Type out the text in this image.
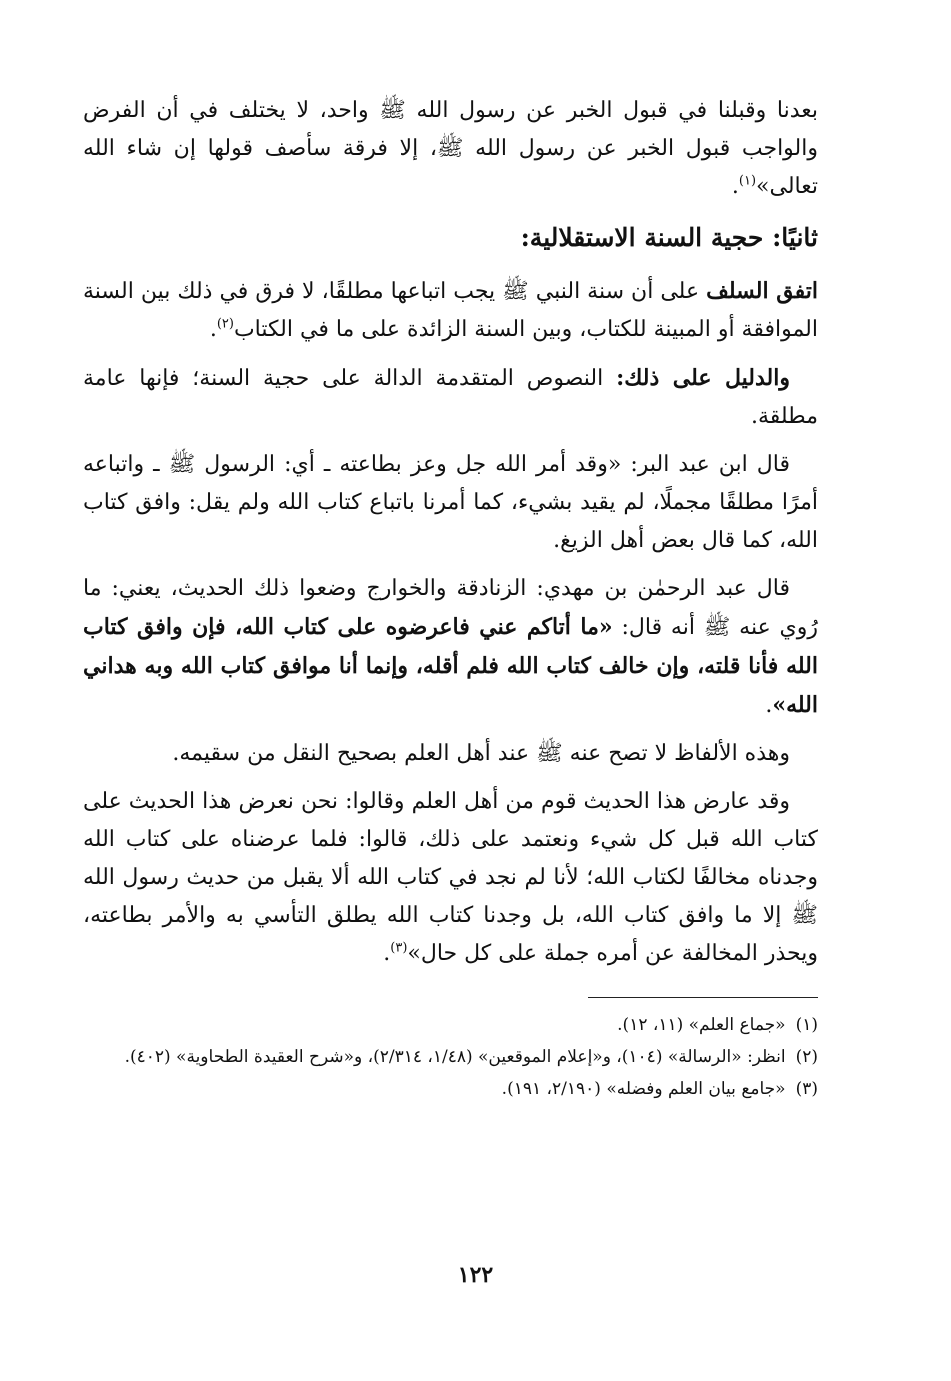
بعدنا وقبلنا في قبول الخبر عن رسول الله ﷺ واحد، لا يختلف في أن الفرض والواجب قبول الخبر عن رسول الله ﷺ، إلا فرقة سأصف قولها إن شاء الله تعالى»$^{(١)}$.

ثانيًا: حجية السنة الاستقلالية:

اتفق السلف على أن سنة النبي ﷺ يجب اتباعها مطلقًا، لا فرق في ذلك بين السنة الموافقة أو المبينة للكتاب، وبين السنة الزائدة على ما في الكتاب$^{(٢)}$.

والدليل على ذلك: النصوص المتقدمة الدالة على حجية السنة؛ فإنها عامة مطلقة.

قال ابن عبد البر: «وقد أمر الله جل وعز بطاعته ـ أي: الرسول ﷺ ـ واتباعه أمرًا مطلقًا مجملًا، لم يقيد بشيء، كما أمرنا باتباع كتاب الله ولم يقل: وافق كتاب الله، كما قال بعض أهل الزيغ.

قال عبد الرحمٰن بن مهدي: الزنادقة والخوارج وضعوا ذلك الحديث، يعني: ما رُوي عنه ﷺ أنه قال: «ما أتاكم عني فاعرضوه على كتاب الله، فإن وافق كتاب الله فأنا قلته، وإن خالف كتاب الله فلم أقله، وإنما أنا موافق كتاب الله وبه هداني الله».

وهذه الألفاظ لا تصح عنه ﷺ عند أهل العلم بصحيح النقل من سقيمه.

وقد عارض هذا الحديث قوم من أهل العلم وقالوا: نحن نعرض هذا الحديث على كتاب الله قبل كل شيء ونعتمد على ذلك، قالوا: فلما عرضناه على كتاب الله وجدناه مخالفًا لكتاب الله؛ لأنا لم نجد في كتاب الله ألا يقبل من حديث رسول الله ﷺ إلا ما وافق كتاب الله، بل وجدنا كتاب الله يطلق التأسي به والأمر بطاعته، ويحذر المخالفة عن أمره جملة على كل حال»$^{(٣)}$.

(١)
«جماع العلم» (١١، ١٢).
(٢)
انظر: «الرسالة» (١٠٤)، و«إعلام الموقعين» (١/٤٨، ٢/٣١٤)، و«شرح العقيدة الطحاوية» (٤٠٢).
(٣)
«جامع بيان العلم وفضله» (٢/١٩٠، ١٩١).
١٢٢
